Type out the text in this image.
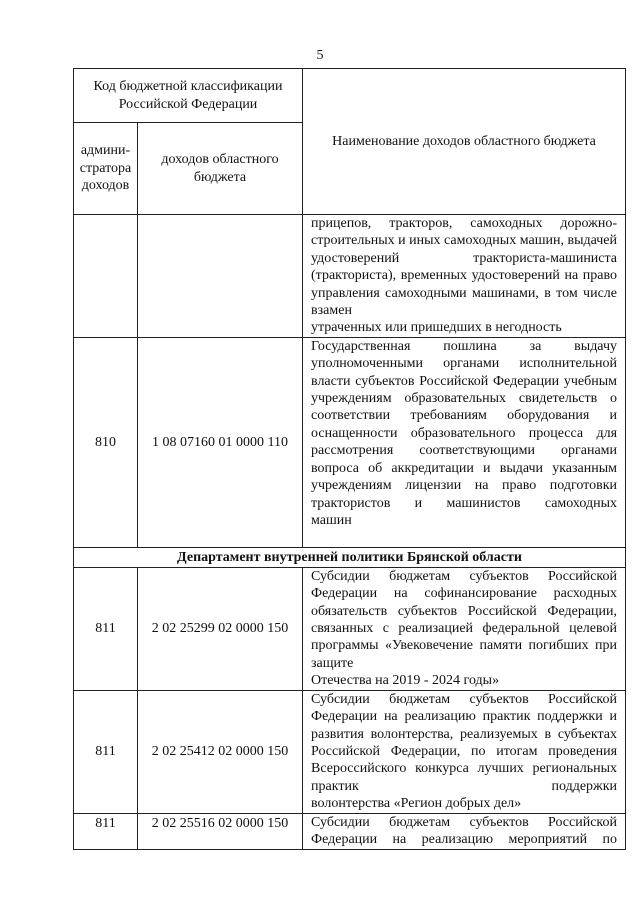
5
Код бюджетной классификации Российской Федерации		Наименование доходов областного бюджета
админи-стратора доходов	доходов областного бюджета	
		прицепов, тракторов, самоходных дорожно-строительных и иных самоходных машин, выдачей удостоверений тракториста-машиниста (тракториста), временных удостоверений на право управления самоходными машинами, в том числе взамен
утраченных или пришедших в негодность

810	1 08 07160 01 0000 110	Государственная пошлина за выдачу уполномоченными органами исполнительной власти субъектов Российской Федерации учебным учреждениям образовательных свидетельств о соответствии требованиям оборудования и оснащенности образовательного процесса для рассмотрения соответствующими органами вопроса об аккредитации и выдачи указанным учреждениям лицензии на право подготовки трактористов и машинистов самоходных
машин

Департамент внутренней политики Брянской области		
811	2 02 25299 02 0000 150	Субсидии бюджетам субъектов Российской Федерации на софинансирование расходных обязательств субъектов Российской Федерации, связанных с реализацией федеральной целевой программы «Увековечение памяти погибших при защите
Отечества на 2019 - 2024 годы»

811	2 02 25412 02 0000 150	Субсидии бюджетам субъектов Российской Федерации на реализацию практик поддержки и развития волонтерства, реализуемых в субъектах Российской Федерации, по итогам проведения Всероссийского конкурса лучших региональных практик поддержки
волонтерства «Регион добрых дел»

811	2 02 25516 02 0000 150	Субсидии бюджетам субъектов Российской Федерации на реализацию мероприятий по
